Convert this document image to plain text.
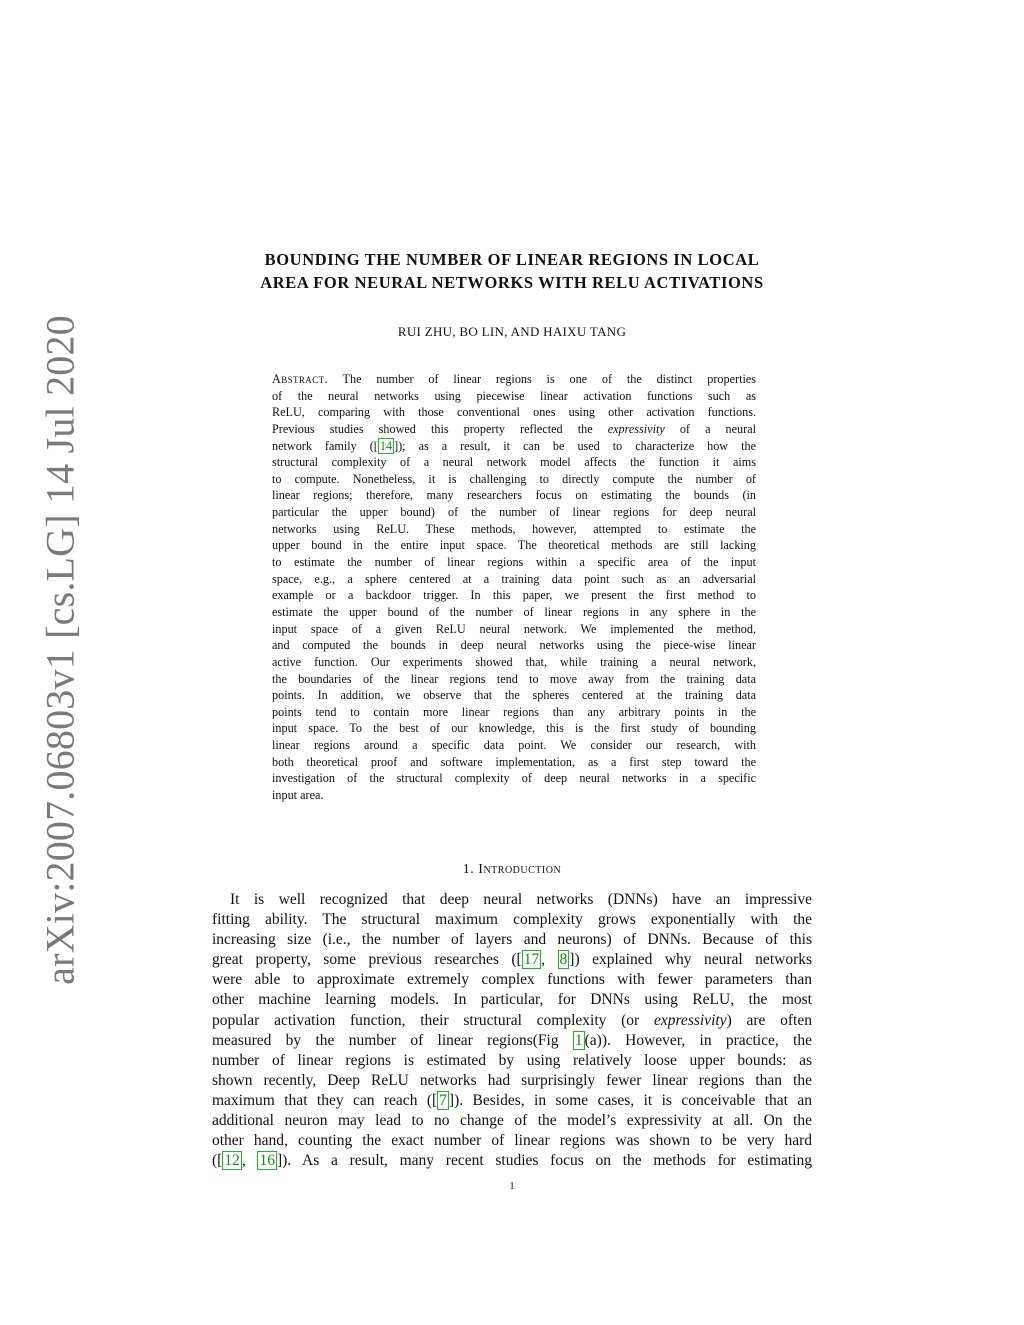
arXiv:2007.06803v1 [cs.LG] 14 Jul 2020
BOUNDING THE NUMBER OF LINEAR REGIONS IN LOCAL
AREA FOR NEURAL NETWORKS WITH RELU ACTIVATIONS
RUI ZHU, BO LIN, AND HAIXU TANG
Abstract. The number of linear regions is one of the distinct properties
of the neural networks using piecewise linear activation functions such as
ReLU, comparing with those conventional ones using other activation functions.
Previous studies showed this property reflected the expressivity of a neural
network family ([ 14 ]); as a result, it can be used to characterize how the
structural complexity of a neural network model affects the function it aims
to compute. Nonetheless, it is challenging to directly compute the number of
linear regions; therefore, many researchers focus on estimating the bounds (in
particular the upper bound) of the number of linear regions for deep neural
networks using ReLU. These methods, however, attempted to estimate the
upper bound in the entire input space. The theoretical methods are still lacking
to estimate the number of linear regions within a specific area of the input
space, e.g., a sphere centered at a training data point such as an adversarial
example or a backdoor trigger. In this paper, we present the first method to
estimate the upper bound of the number of linear regions in any sphere in the
input space of a given ReLU neural network. We implemented the method,
and computed the bounds in deep neural networks using the piece-wise linear
active function. Our experiments showed that, while training a neural network,
the boundaries of the linear regions tend to move away from the training data
points. In addition, we observe that the spheres centered at the training data
points tend to contain more linear regions than any arbitrary points in the
input space. To the best of our knowledge, this is the first study of bounding
linear regions around a specific data point. We consider our research, with
both theoretical proof and software implementation, as a first step toward the
investigation of the structural complexity of deep neural networks in a specific
input area.
1. Introduction
It is well recognized that deep neural networks (DNNs) have an impressive
fitting ability. The structural maximum complexity grows exponentially with the
increasing size (i.e., the number of layers and neurons) of DNNs. Because of this
great property, some previous researches ([ 17 , 8 ]) explained why neural networks
were able to approximate extremely complex functions with fewer parameters than
other machine learning models. In particular, for DNNs using ReLU, the most
popular activation function, their structural complexity (or expressivity) are often
measured by the number of linear regions(Fig 1 (a)). However, in practice, the
number of linear regions is estimated by using relatively loose upper bounds: as
shown recently, Deep ReLU networks had surprisingly fewer linear regions than the
maximum that they can reach ([ 7 ]). Besides, in some cases, it is conceivable that an
additional neuron may lead to no change of the model’s expressivity at all. On the
other hand, counting the exact number of linear regions was shown to be very hard
([ 12 , 16 ]). As a result, many recent studies focus on the methods for estimating
1
